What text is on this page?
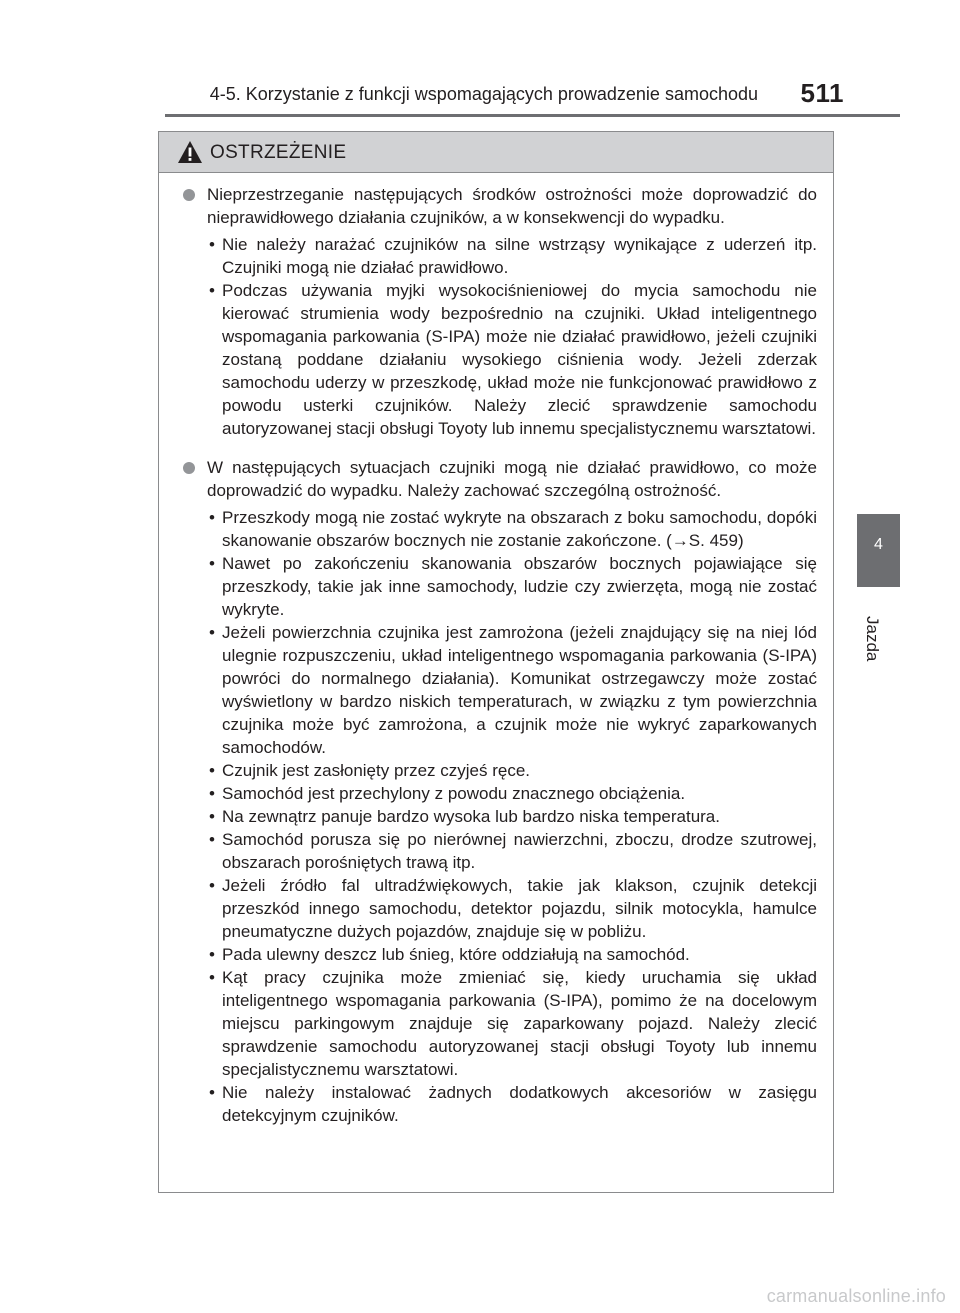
4-5. Korzystanie z funkcji wspomagających prowadzenie samochodu 511
4
Jazda
OSTRZEŻENIE
Nieprzestrzeganie następujących środków ostrożności może doprowadzić do nieprawidłowego działania czujników, a w konsekwencji do wypadku.
• Nie należy narażać czujników na silne wstrząsy wynikające z uderzeń itp. Czujniki mogą nie działać prawidłowo.
• Podczas używania myjki wysokociśnieniowej do mycia samochodu nie kierować strumienia wody bezpośrednio na czujniki. Układ inteligentnego wspomagania parkowania (S-IPA) może nie działać prawidłowo, jeżeli czujniki zostaną poddane działaniu wysokiego ciśnienia wody. Jeżeli zderzak samochodu uderzy w przeszkodę, układ może nie funkcjonować prawidłowo z powodu usterki czujników. Należy zlecić sprawdzenie samochodu autoryzowanej stacji obsługi Toyoty lub innemu specjalistycznemu warsztatowi.
W następujących sytuacjach czujniki mogą nie działać prawidłowo, co może doprowadzić do wypadku. Należy zachować szczególną ostrożność.
• Przeszkody mogą nie zostać wykryte na obszarach z boku samochodu, dopóki skanowanie obszarów bocznych nie zostanie zakończone. (→S. 459)
• Nawet po zakończeniu skanowania obszarów bocznych pojawiające się przeszkody, takie jak inne samochody, ludzie czy zwierzęta, mogą nie zostać wykryte.
• Jeżeli powierzchnia czujnika jest zamrożona (jeżeli znajdujący się na niej lód ulegnie rozpuszczeniu, układ inteligentnego wspomagania parkowania (S-IPA) powróci do normalnego działania). Komunikat ostrzegawczy może zostać wyświetlony w bardzo niskich temperaturach, w związku z tym powierzchnia czujnika może być zamrożona, a czujnik może nie wykryć zaparkowanych samochodów.
• Czujnik jest zasłonięty przez czyjeś ręce.
• Samochód jest przechylony z powodu znacznego obciążenia.
• Na zewnątrz panuje bardzo wysoka lub bardzo niska temperatura.
• Samochód porusza się po nierównej nawierzchni, zboczu, drodze szutrowej, obszarach porośniętych trawą itp.
• Jeżeli źródło fal ultradźwiękowych, takie jak klakson, czujnik detekcji przeszkód innego samochodu, detektor pojazdu, silnik motocykla, hamulce pneumatyczne dużych pojazdów, znajduje się w pobliżu.
• Pada ulewny deszcz lub śnieg, które oddziałują na samochód.
• Kąt pracy czujnika może zmieniać się, kiedy uruchamia się układ inteligentnego wspomagania parkowania (S-IPA), pomimo że na docelowym miejscu parkingowym znajduje się zaparkowany pojazd. Należy zlecić sprawdzenie samochodu autoryzowanej stacji obsługi Toyoty lub innemu specjalistycznemu warsztatowi.
• Nie należy instalować żadnych dodatkowych akcesoriów w zasięgu detekcyjnym czujników.
carmanualsonline.info
